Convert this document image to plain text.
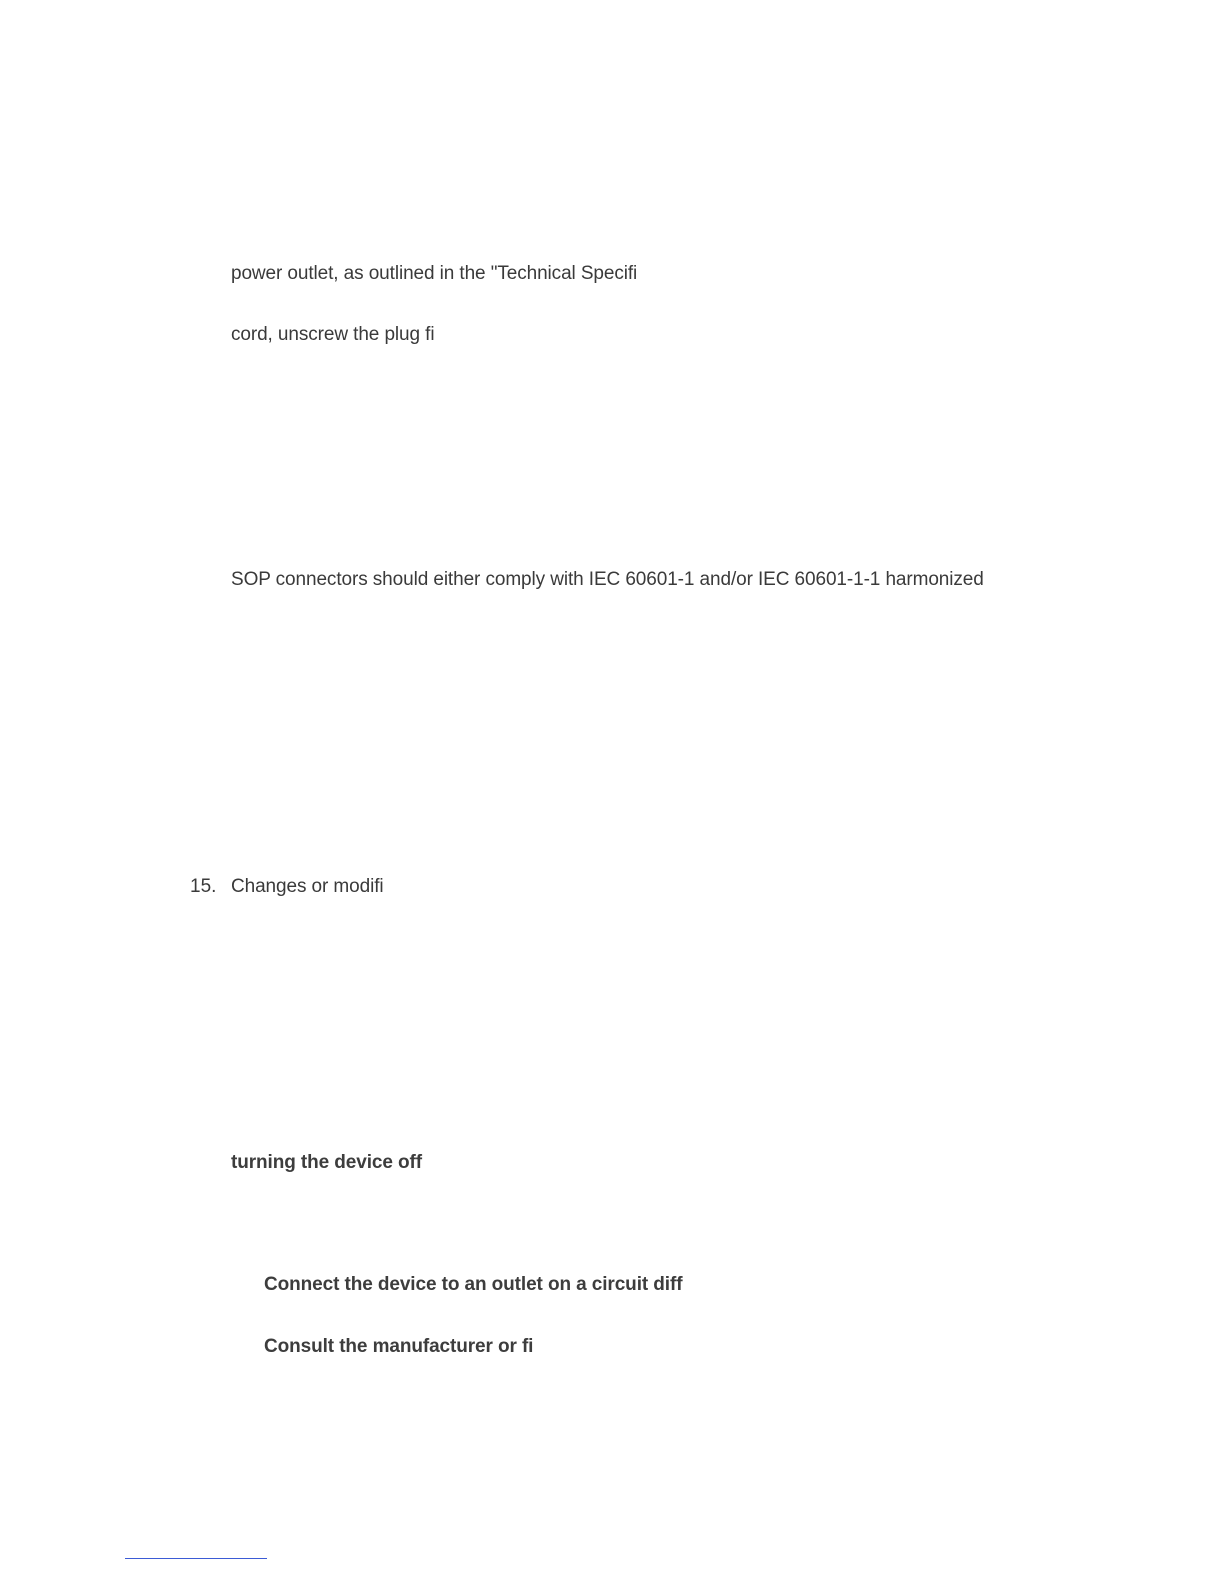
power outlet, as outlined in the "Technical Specifi
cord, unscrew the plug fi
SOP connectors should either comply with IEC 60601-1 and/or IEC 60601-1-1 harmonized
15. Changes or modifi
turning the device off
Connect the device to an outlet on a circuit diff
Consult the manufacturer or fi
